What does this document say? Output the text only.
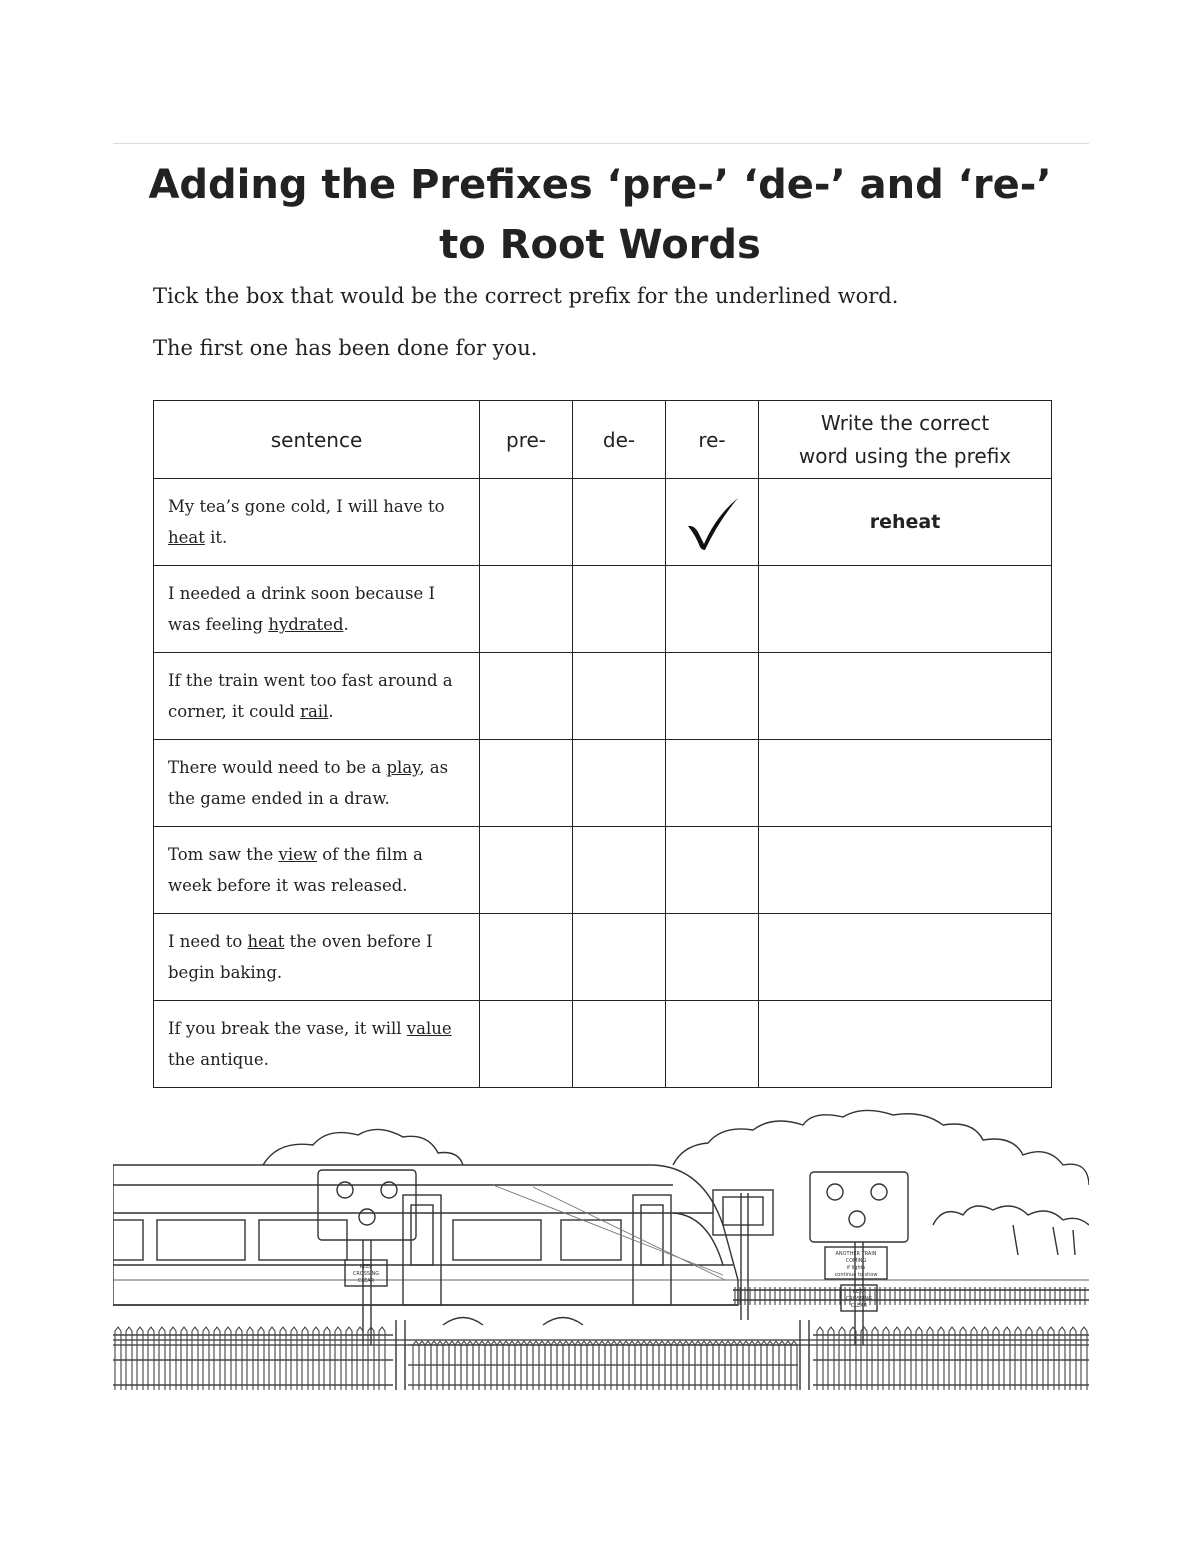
Adding the Prefixes ‘pre-’ ‘de-’ and ‘re-’
to Root Words
Tick the box that would be the correct prefix for the underlined word.
The first one has been done for you.
sentence	pre-	de-	re-	Write the correct
word using the prefix

My tea’s gone cold, I will have to heat it.				reheat

I needed a drink soon because I was feeling hydrated.				

If the train went too fast around a corner, it could rail.				

There would need to be a play, as the game ended in a draw.				

Tom saw the view of the film a week before it was released.				

I need to heat the oven before I begin baking.				

If you break the vase, it will value the antique.				

KEEP
CROSSING
CLEAR
ANOTHER TRAIN
COMING
if lights
continue to show
KEEP
CROSSING
CLEAR
